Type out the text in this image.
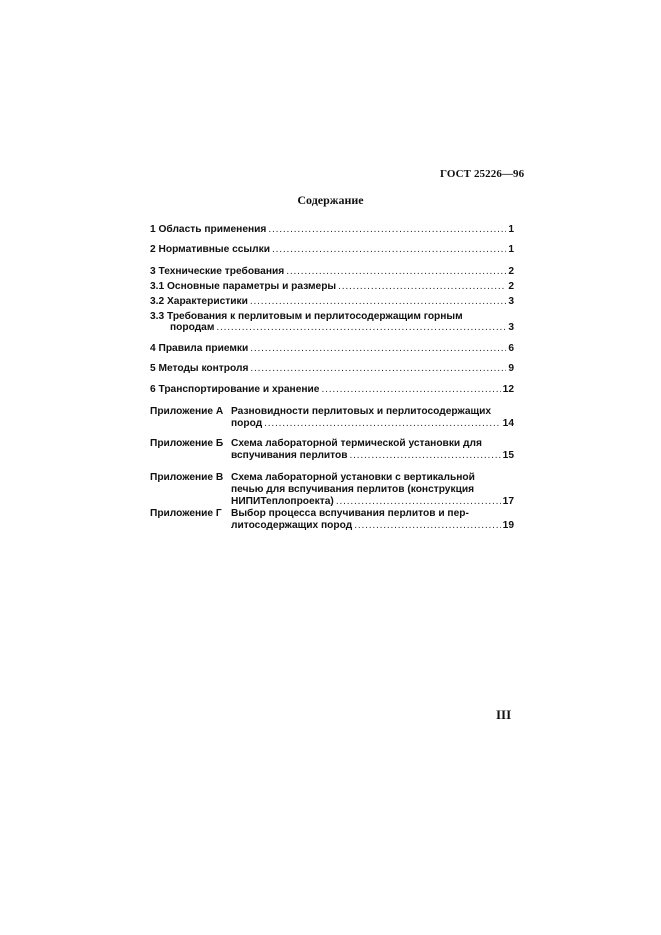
ГОСТ 25226—96
Содержание
1 Область применения .....	1
2 Нормативные ссылки .....	1
3 Технические требования .....	2
3.1 Основные параметры и размеры .....	2
3.2 Характеристики .....	3
3.3 Требования к перлитовым и перлитосодержащим горным
породам .....	3
4 Правила приемки .....	6
5 Методы контроля .....	9
6 Транспортирование и хранение .....	12
Приложение А Разновидности перлитовых и перлитосодержащих
пород .....	14
Приложение Б Схема лабораторной термической установки для
вспучивания перлитов .....	15
Приложение В Схема лабораторной установки с вертикальной
печью для вспучивания перлитов (конструкция
НИПИТеплопроекта) .....	17
Приложение Г Выбор процесса вспучивания перлитов и пер-
литосодержащих пород .....	19
III
